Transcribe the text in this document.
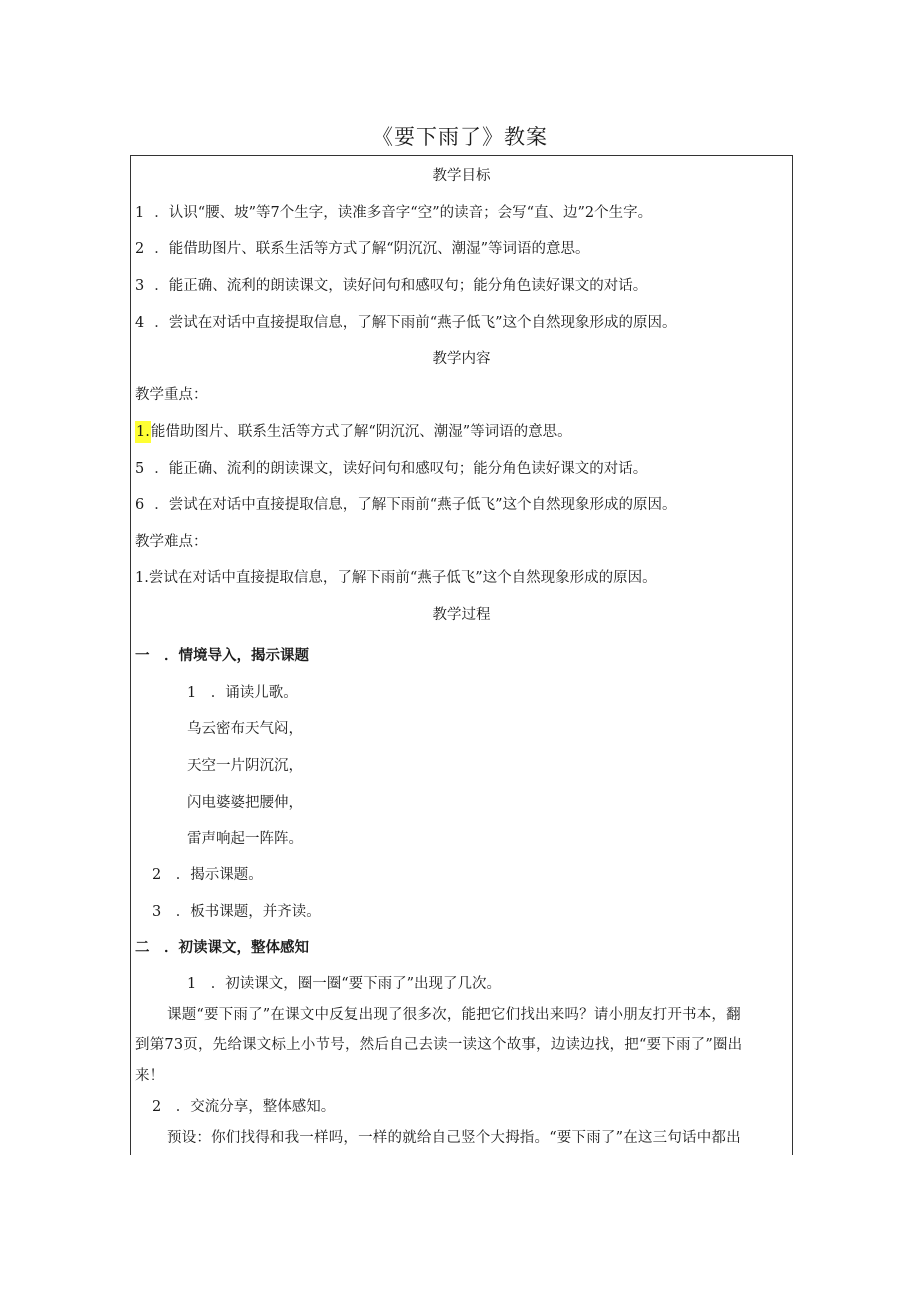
《要下雨了》教案
教学目标
1 ．认识“腰、坡”等7个生字，读准多音字“空”的读音；会写“直、边”2个生字。
2 ．能借助图片、联系生活等方式了解“阴沉沉、潮湿”等词语的意思。
3 ．能正确、流利的朗读课文，读好问句和感叹句；能分角色读好课文的对话。
4 ．尝试在对话中直接提取信息，了解下雨前“燕子低飞”这个自然现象形成的原因。
教学内容
教学重点：
1.能借助图片、联系生活等方式了解“阴沉沉、潮湿”等词语的意思。
5 ．能正确、流利的朗读课文，读好问句和感叹句；能分角色读好课文的对话。
6 ．尝试在对话中直接提取信息，了解下雨前“燕子低飞”这个自然现象形成的原因。
教学难点：
1.尝试在对话中直接提取信息，了解下雨前“燕子低飞”这个自然现象形成的原因。
教学过程
一　．情境导入，揭示课题
1　．诵读儿歌。
乌云密布天气闷，
天空一片阴沉沉，
闪电婆婆把腰伸，
雷声响起一阵阵。
2　．揭示课题。
3　．板书课题，并齐读。
二　．初读课文，整体感知
1　．初读课文，圈一圈“要下雨了”出现了几次。
课题“要下雨了”在课文中反复出现了很多次，能把它们找出来吗？请小朋友打开书本，翻
到第73页，先给课文标上小节号，然后自己去读一读这个故事，边读边找，把“要下雨了”圈出
来！
2　．交流分享，整体感知。
预设：你们找得和我一样吗，一样的就给自己竖个大拇指。“要下雨了”在这三句话中都出
